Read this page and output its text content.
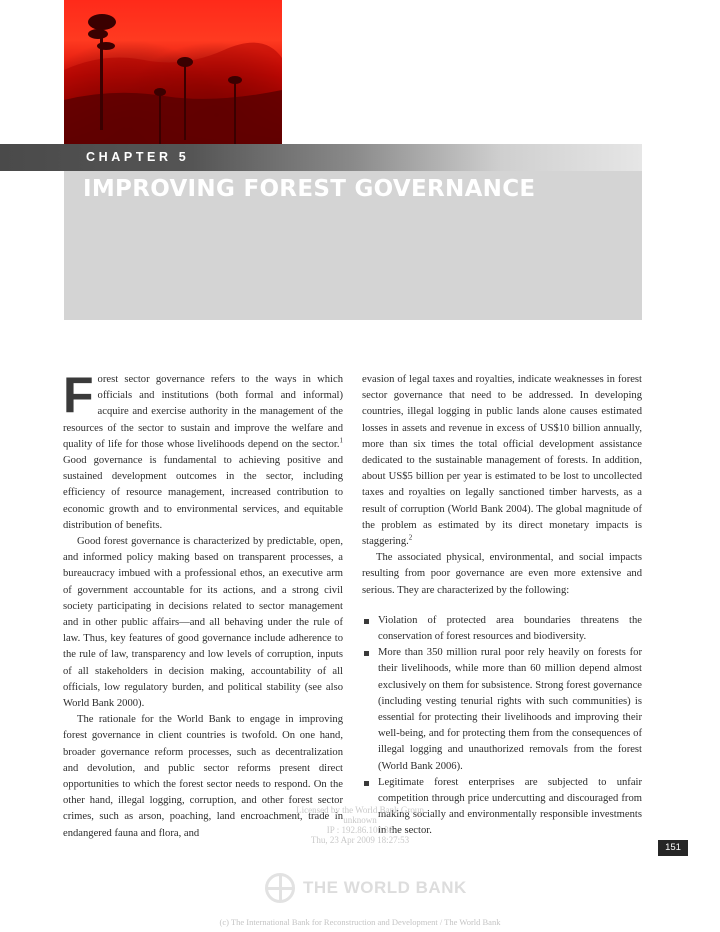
CHAPTER 5
IMPROVING FOREST GOVERNANCE

Forest sector governance refers to the ways in which officials and institutions (both formal and informal) acquire and exercise authority in the management of the resources of the sector to sustain and improve the welfare and quality of life for those whose livelihoods depend on the sector.$^1$ Good governance is fundamental to achieving positive and sustained development outcomes in the sector, including efficiency of resource management, increased contribution to economic growth and to environmental services, and equitable distribution of benefits.

Good forest governance is characterized by predictable, open, and informed policy making based on transparent processes, a bureaucracy imbued with a professional ethos, an executive arm of government accountable for its actions, and a strong civil society participating in decisions related to sector management and in other public affairs—and all behaving under the rule of law. Thus, key features of good governance include adherence to the rule of law, transparency and low levels of corruption, inputs of all stakeholders in decision making, accountability of all officials, low regulatory burden, and political stability (see also World Bank 2000).

The rationale for the World Bank to engage in improving forest governance in client countries is twofold. On one hand, broader governance reform processes, such as decentralization and devolution, and public sector reforms present direct opportunities to which the forest sector needs to respond. On the other hand, illegal logging, corruption, and other forest sector crimes, such as arson, poaching, land encroachment, trade in endangered fauna and flora, and

evasion of legal taxes and royalties, indicate weaknesses in forest sector governance that need to be addressed. In developing countries, illegal logging in public lands alone causes estimated losses in assets and revenue in excess of US$10 billion annually, more than six times the total official development assistance dedicated to the sustainable management of forests. In addition, about US$5 billion per year is estimated to be lost to uncollected taxes and royalties on legally sanctioned timber harvests, as a result of corruption (World Bank 2004). The global magnitude of the problem as estimated by its direct monetary impacts is staggering.$^2$

The associated physical, environmental, and social impacts resulting from poor governance are even more extensive and serious. They are characterized by the following:

Violation of protected area boundaries threatens the conservation of forest resources and biodiversity.
More than 350 million rural poor rely heavily on forests for their livelihoods, while more than 60 million depend almost exclusively on them for subsistence. Strong forest governance (including vesting tenurial rights with such communities) is essential for protecting their livelihoods and improving their well-being, and for protecting them from the consequences of illegal logging and unauthorized removals from the forest (World Bank 2006).
Legitimate forest enterprises are subjected to unfair competition through price undercutting and discouraged from making socially and environmentally responsible investments in the sector.
Licensed by the World Bank Group
unknown
IP : 192.86.100.36
Thu, 23 Apr 2009 18:27:53
151
THE WORLD BANK
(c) The International Bank for Reconstruction and Development / The World Bank
